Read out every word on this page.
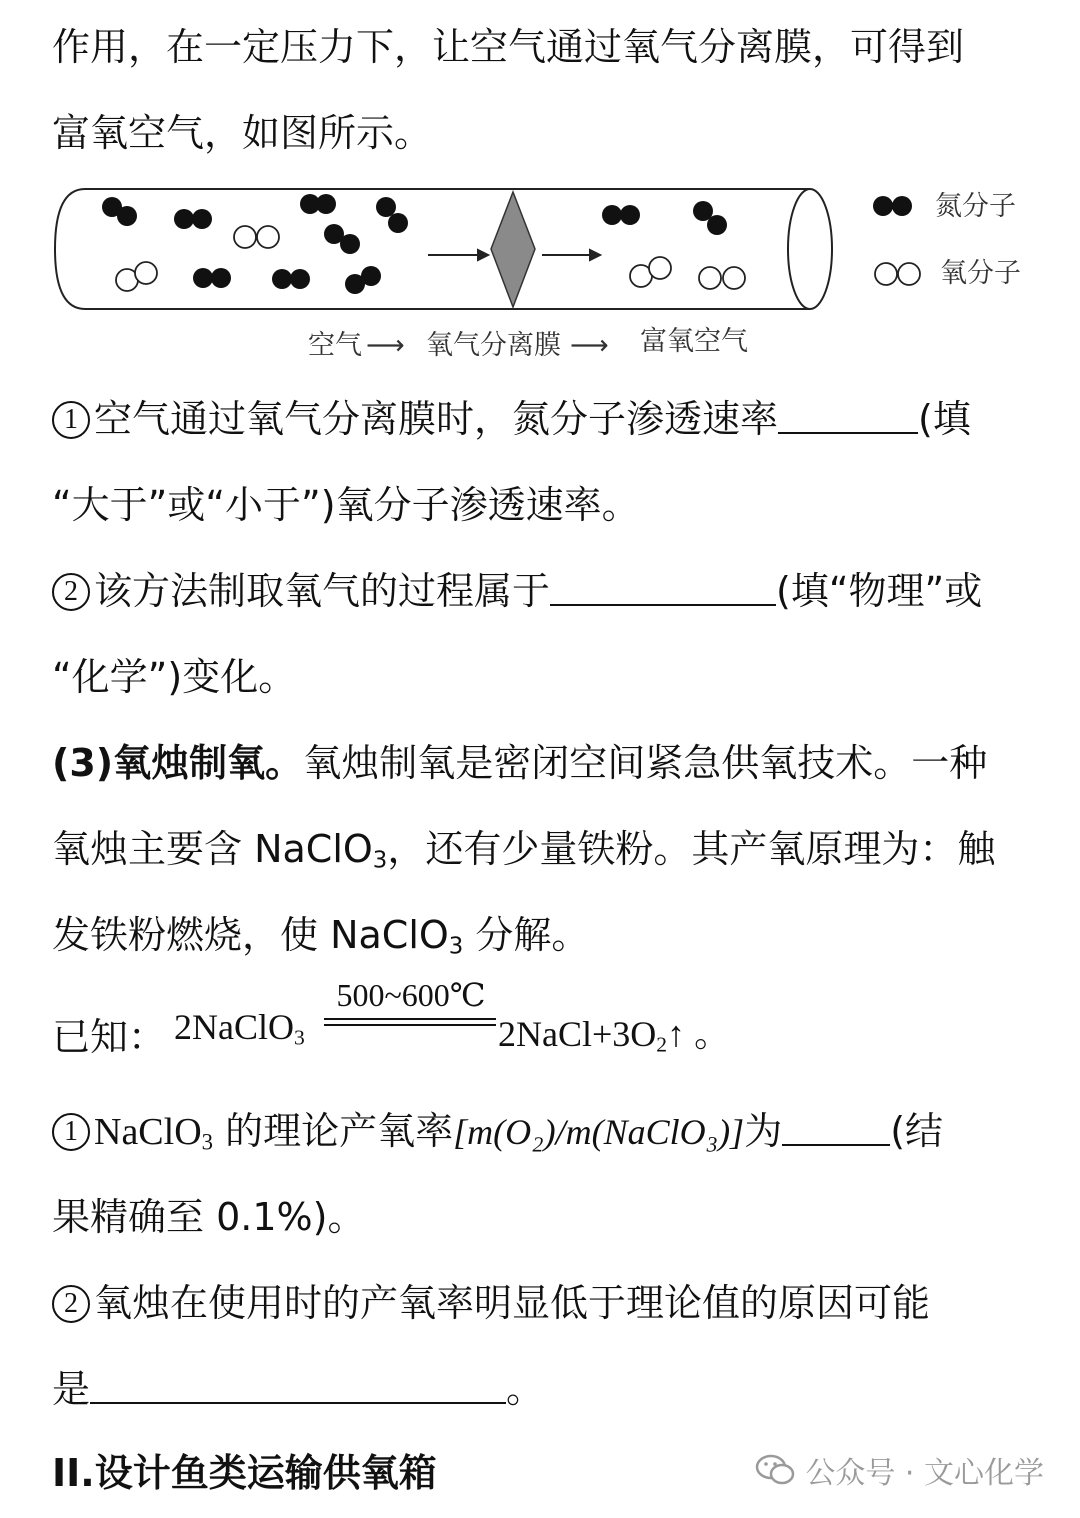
作用，在一定压力下，让空气通过氧气分离膜，可得到
富氧空气，如图所示。
氮分子
氧分子
空气 ⟶ 氧气分离膜 ⟶ 富氧空气
1 空气通过氧气分离膜时，氮分子渗透速率	(填
“大于”或“小于”)氧分子渗透速率。
2 该方法制取氧气的过程属于	(填“物理”或
“化学”)变化。
(3)氧烛制氧。氧烛制氧是密闭空间紧急供氧技术。一种
氧烛主要含 NaClO$_3$，还有少量铁粉。其产氧原理为：触
发铁粉燃烧，使 NaClO$_3$ 分解。
已知： 2NaClO$_3$
500~600℃
$2NaCl+3O_2↑$ 。
1 NaClO$_3$ 的理论产氧率[m(O₂)/m(NaClO₃)]为	(结
果精确至 0.1%)。
2 氧烛在使用时的产氧率明显低于理论值的原因可能
是	。
II.设计鱼类运输供氧箱	公众号 · 文心化学
